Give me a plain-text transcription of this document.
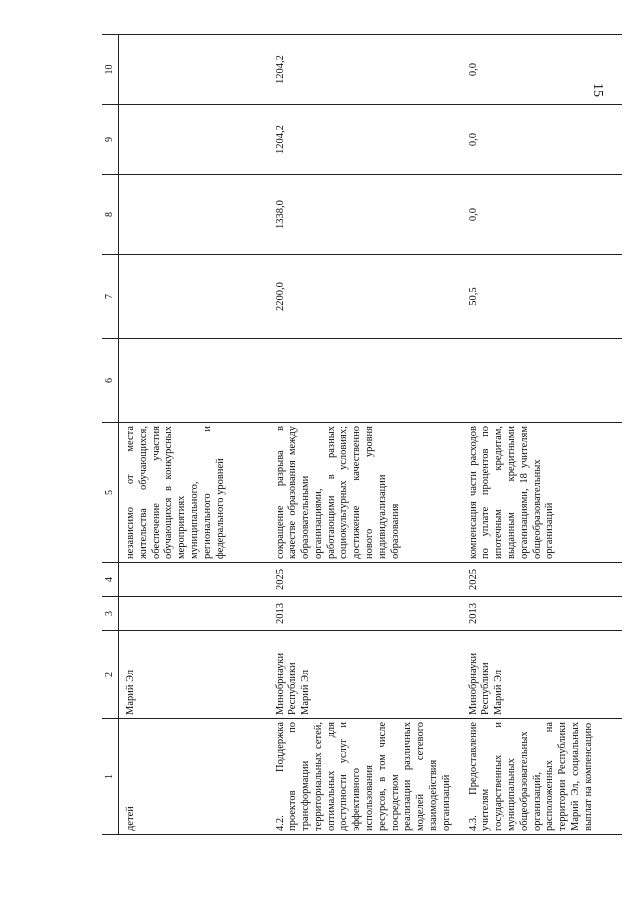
15
1	2	3	4	5	6	7	8	9	10
детей	Марий Эл			независимо от места жительства обучающихся, обеспечение участия обучающихся в конкурсных мероприятиях муниципального, регионального и федерального уровней					
4.2. Поддержка проектов по трансформации территориальных сетей, оптимальных для доступности услуг и эффективного использования ресурсов, в том числе посредством реализации различных моделей сетевого взаимодействия организаций	Минобрнауки Республики Марий Эл	2013	2025	сокращение разрыва в качестве образования между образовательными организациями, работающими в разных социокультурных условиях; достижение качественно нового уровня индивидуализации образования		2200,0	1338,0	1204,2	1204,2
4.3. Предоставление учителям государственных и муниципальных общеобразовательных организаций, расположенных на территории Республики Марий Эл, социальных выплат на компенсацию	Минобрнауки Республики Марий Эл	2013	2025	компенсация части расходов по уплате процентов по ипотечным кредитам, выданным кредитными организациями, 18 учителям общеобразовательных организаций		50,5	0,0	0,0	0,0
